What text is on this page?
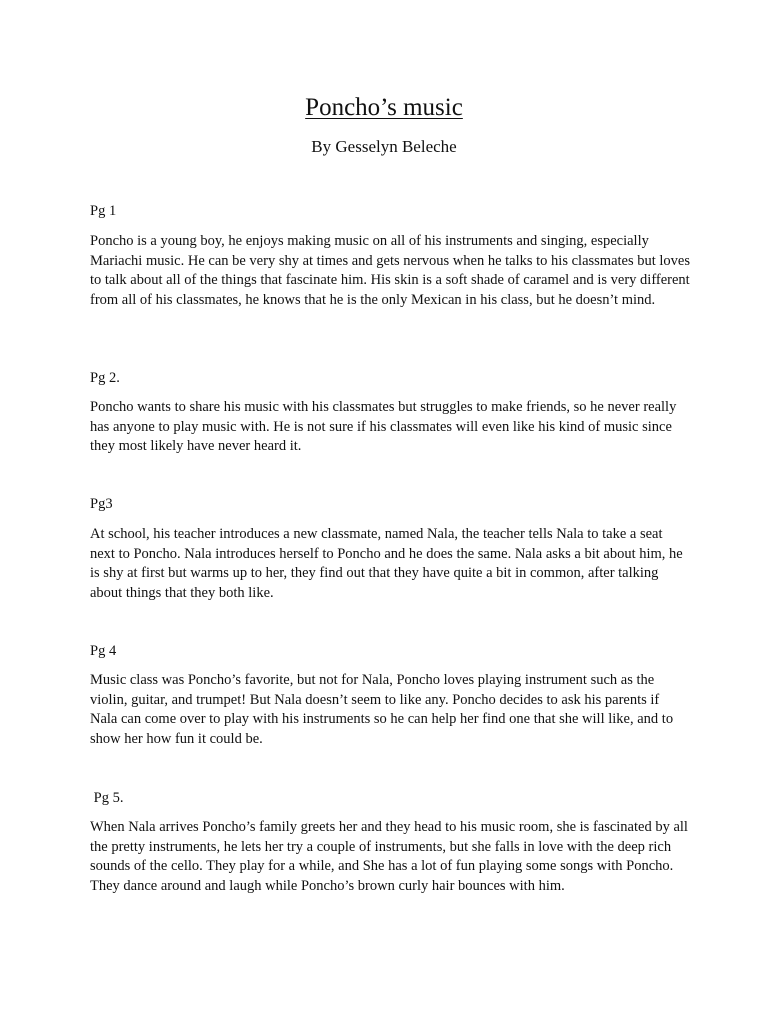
Poncho’s music
By Gesselyn Beleche
Pg 1
Poncho is a young boy, he enjoys making music on all of his instruments and singing, especially Mariachi music. He can be very shy at times and gets nervous when he talks to his classmates but loves to talk about all of the things that fascinate him. His skin is a soft shade of caramel and is very different from all of his classmates, he knows that he is the only Mexican in his class, but he doesn’t mind.
Pg 2.
Poncho wants to share his music with his classmates but struggles to make friends, so he never really has anyone to play music with. He is not sure if his classmates will even like his kind of music since they most likely have never heard it.
Pg3
At school, his teacher introduces a new classmate, named Nala, the teacher tells Nala to take a seat next to Poncho. Nala introduces herself to Poncho and he does the same. Nala asks a bit about him, he is shy at first but warms up to her, they find out that they have quite a bit in common, after talking about things that they both like.
Pg 4
Music class was Poncho’s favorite, but not for Nala, Poncho loves playing instrument such as the violin, guitar, and trumpet! But Nala doesn’t seem to like any. Poncho decides to ask his parents if Nala can come over to play with his instruments so he can help her find one that she will like, and to show her how fun it could be.
Pg 5.
When Nala arrives Poncho’s family greets her and they head to his music room, she is fascinated by all the pretty instruments, he lets her try a couple of instruments, but she falls in love with the deep rich sounds of the cello. They play for a while, and She has a lot of fun playing some songs with Poncho. They dance around and laugh while Poncho’s brown curly hair bounces with him.
